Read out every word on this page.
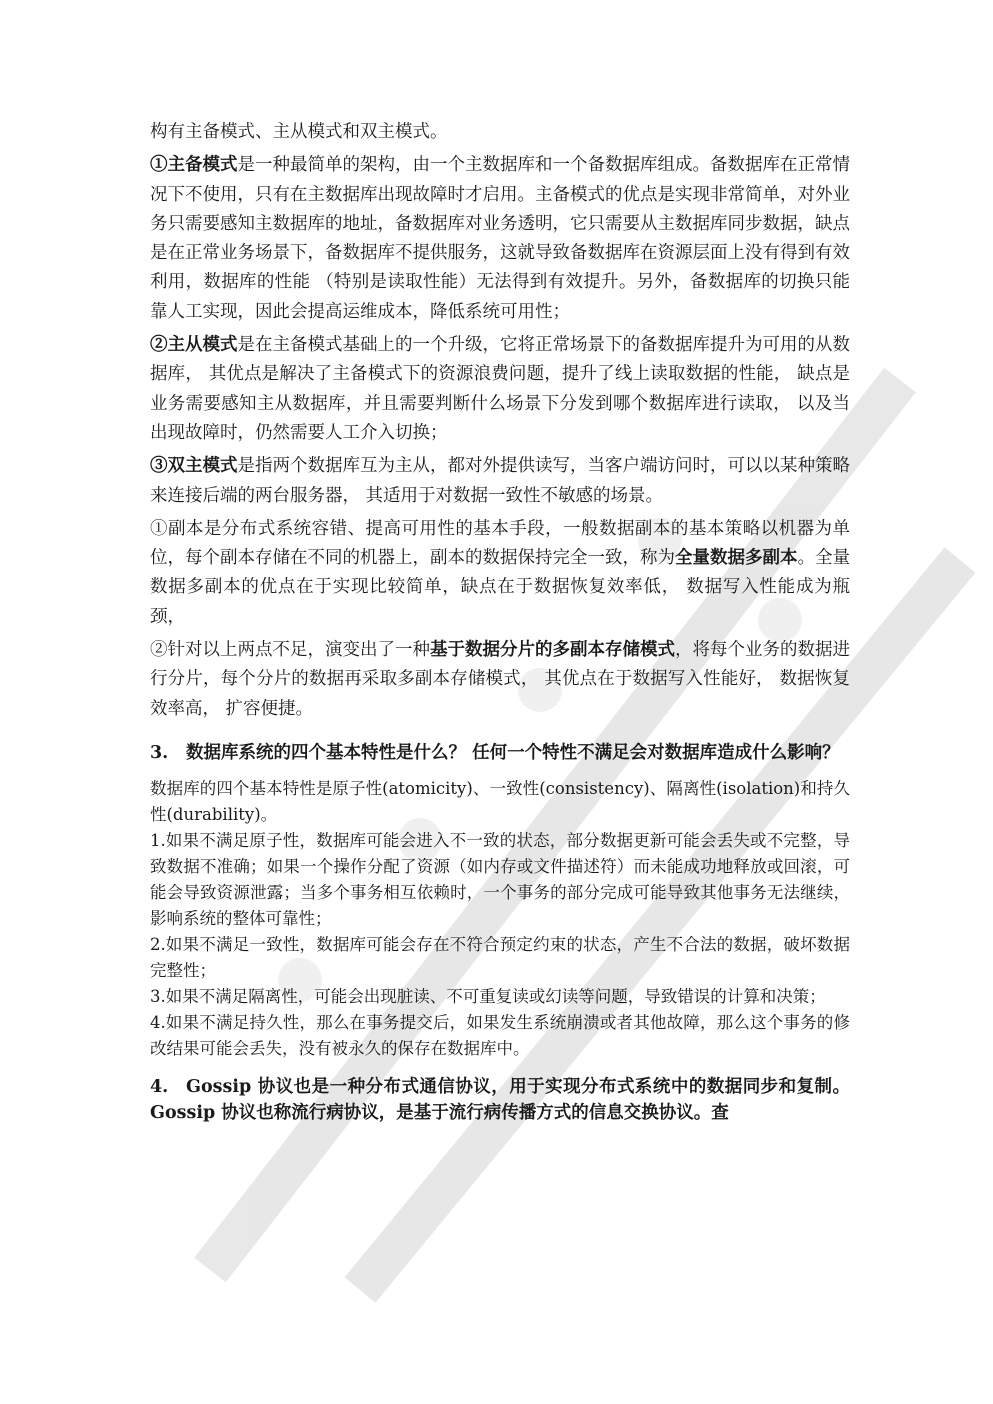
构有主备模式、主从模式和双主模式。

①主备模式是一种最简单的架构，由一个主数据库和一个备数据库组成。备数据库在正常情况下不使用，只有在主数据库出现故障时才启用。主备模式的优点是实现非常简单，对外业务只需要感知主数据库的地址，备数据库对业务透明，它只需要从主数据库同步数据，缺点是在正常业务场景下，备数据库不提供服务，这就导致备数据库在资源层面上没有得到有效利用，数据库的性能 （特别是读取性能）无法得到有效提升。另外，备数据库的切换只能靠人工实现，因此会提高运维成本，降低系统可用性；

②主从模式是在主备模式基础上的一个升级，它将正常场景下的备数据库提升为可用的从数据库， 其优点是解决了主备模式下的资源浪费问题，提升了线上读取数据的性能， 缺点是业务需要感知主从数据库，并且需要判断什么场景下分发到哪个数据库进行读取， 以及当出现故障时，仍然需要人工介入切换；

③双主模式是指两个数据库互为主从，都对外提供读写，当客户端访问时，可以以某种策略来连接后端的两台服务器， 其适用于对数据一致性不敏感的场景。

①副本是分布式系统容错、提高可用性的基本手段，一般数据副本的基本策略以机器为单位，每个副本存储在不同的机器上，副本的数据保持完全一致，称为全量数据多副本。全量数据多副本的优点在于实现比较简单，缺点在于数据恢复效率低， 数据写入性能成为瓶颈，

②针对以上两点不足，演变出了一种基于数据分片的多副本存储模式，将每个业务的数据进行分片，每个分片的数据再采取多副本存储模式， 其优点在于数据写入性能好， 数据恢复效率高， 扩容便捷。

3. 数据库系统的四个基本特性是什么？ 任何一个特性不满足会对数据库造成什么影响？

数据库的四个基本特性是原子性(atomicity)、一致性(consistency)、隔离性(isolation)和持久性(durability)。

1.如果不满足原子性，数据库可能会进入不一致的状态，部分数据更新可能会丢失或不完整，导致数据不准确；如果一个操作分配了资源（如内存或文件描述符）而未能成功地释放或回滚，可能会导致资源泄露；当多个事务相互依赖时，一个事务的部分完成可能导致其他事务无法继续，影响系统的整体可靠性；

2.如果不满足一致性，数据库可能会存在不符合预定约束的状态，产生不合法的数据，破坏数据完整性；

3.如果不满足隔离性，可能会出现脏读、不可重复读或幻读等问题，导致错误的计算和决策；

4.如果不满足持久性，那么在事务提交后，如果发生系统崩溃或者其他故障，那么这个事务的修改结果可能会丢失，没有被永久的保存在数据库中。

4. Gossip 协议也是一种分布式通信协议，用于实现分布式系统中的数据同步和复制。Gossip 协议也称流行病协议，是基于流行病传播方式的信息交换协议。查
